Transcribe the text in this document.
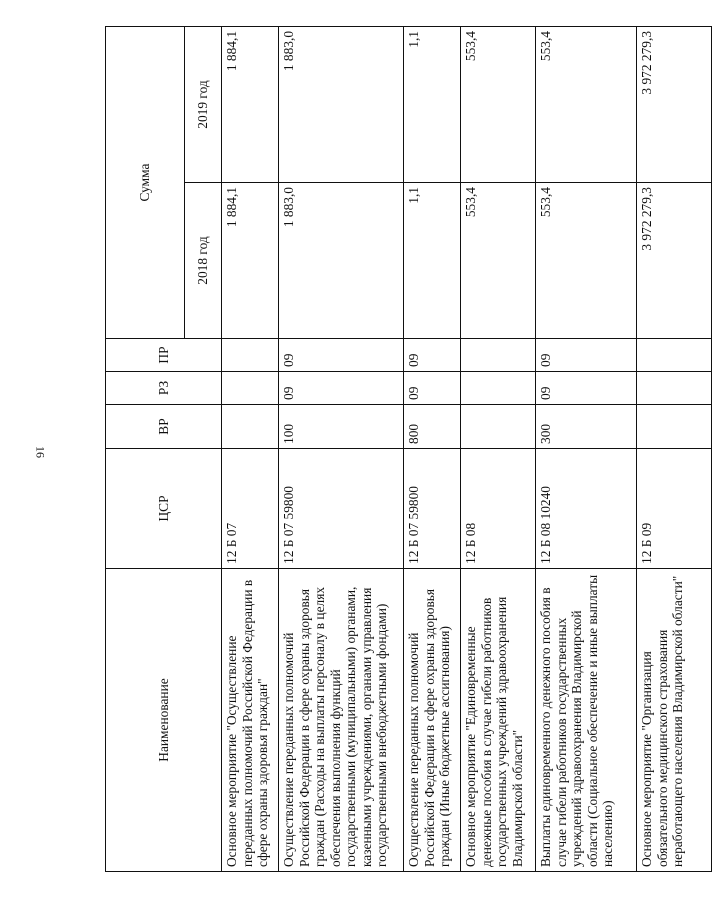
16
Наименование	ЦСР	ВР	РЗ	ПР	Сумма	
					2018 год	2019 год
Основное мероприятие "Осуществление переданных полномочий Российской Федерации в сфере охраны здоровья граждан"	12 Б 07				1 884,1	1 884,1
Осуществление переданных полномочий Российской Федерации в сфере охраны здоровья граждан (Расходы на выплаты персоналу в целях обеспечения выполнения функций государственными (муниципальными) органами, казенными учреждениями, органами управления государственными внебюджетными фондами)	12 Б 07 59800	100	09	09	1 883,0	1 883,0
Осуществление переданных полномочий Российской Федерации в сфере охраны здоровья граждан (Иные бюджетные ассигнования)	12 Б 07 59800	800	09	09	1,1	1,1
Основное мероприятие "Единовременные денежные пособия в случае гибели работников государственных учреждений здравоохранения Владимирской области"	12 Б 08				553,4	553,4
Выплаты единовременного денежного пособия в случае гибели работников государственных учреждений здравоохранения Владимирской области (Социальное обеспечение и иные выплаты населению)	12 Б 08 10240	300	09	09	553,4	553,4
Основное мероприятие "Организация обязательного медицинского страхования неработающего населения Владимирской области"	12 Б 09				3 972 279,3	3 972 279,3
